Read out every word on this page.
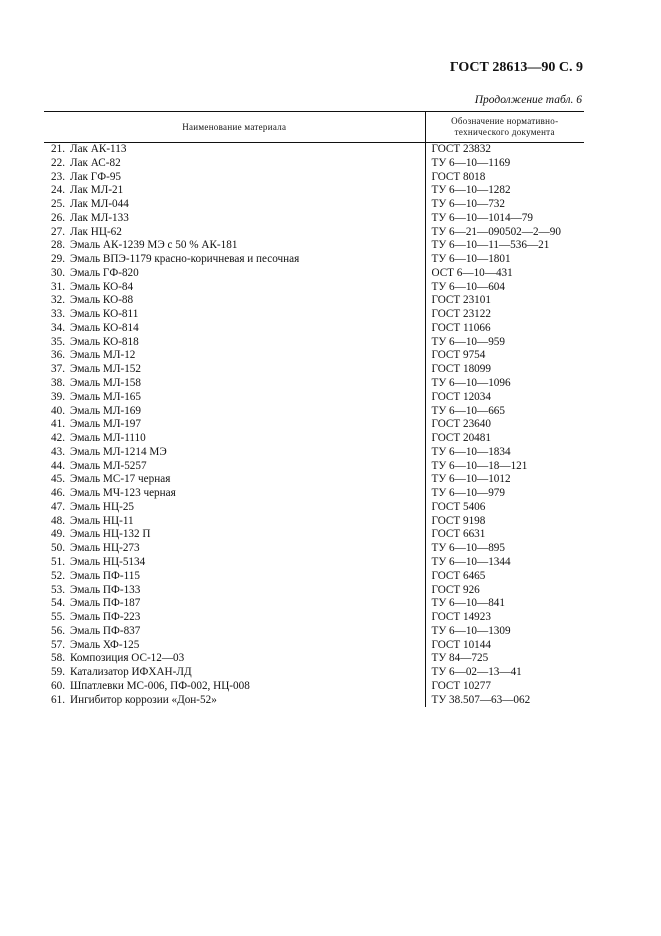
ГОСТ 28613—90 С. 9
Продолжение табл. 6
Наименование материала	Обозначение нормативно-технического документа
21. Лак АК-113	ГОСТ 23832
22. Лак АС-82	ТУ 6—10—1169
23. Лак ГФ-95	ГОСТ 8018
24. Лак МЛ-21	ТУ 6—10—1282
25. Лак МЛ-044	ТУ 6—10—732
26. Лак МЛ-133	ТУ 6—10—1014—79
27. Лак НЦ-62	ТУ 6—21—090502—2—90
28. Эмаль АК-1239 МЭ с 50 % АК-181	ТУ 6—10—11—536—21
29. Эмаль ВПЭ-1179 красно-коричневая и песочная	ТУ 6—10—1801
30. Эмаль ГФ-820	ОСТ 6—10—431
31. Эмаль КО-84	ТУ 6—10—604
32. Эмаль КО-88	ГОСТ 23101
33. Эмаль КО-811	ГОСТ 23122
34. Эмаль КО-814	ГОСТ 11066
35. Эмаль КО-818	ТУ 6—10—959
36. Эмаль МЛ-12	ГОСТ 9754
37. Эмаль МЛ-152	ГОСТ 18099
38. Эмаль МЛ-158	ТУ 6—10—1096
39. Эмаль МЛ-165	ГОСТ 12034
40. Эмаль МЛ-169	ТУ 6—10—665
41. Эмаль МЛ-197	ГОСТ 23640
42. Эмаль МЛ-1110	ГОСТ 20481
43. Эмаль МЛ-1214 МЭ	ТУ 6—10—1834
44. Эмаль МЛ-5257	ТУ 6—10—18—121
45. Эмаль МС-17 черная	ТУ 6—10—1012
46. Эмаль МЧ-123 черная	ТУ 6—10—979
47. Эмаль НЦ-25	ГОСТ 5406
48. Эмаль НЦ-11	ГОСТ 9198
49. Эмаль НЦ-132 П	ГОСТ 6631
50. Эмаль НЦ-273	ТУ 6—10—895
51. Эмаль НЦ-5134	ТУ 6—10—1344
52. Эмаль ПФ-115	ГОСТ 6465
53. Эмаль ПФ-133	ГОСТ 926
54. Эмаль ПФ-187	ТУ 6—10—841
55. Эмаль ПФ-223	ГОСТ 14923
56. Эмаль ПФ-837	ТУ 6—10—1309
57. Эмаль ХФ-125	ГОСТ 10144
58. Композиция ОС-12—03	ТУ 84—725
59. Катализатор ИФХАН-ЛД	ТУ 6—02—13—41
60. Шпатлевки МС-006, ПФ-002, НЦ-008	ГОСТ 10277
61. Ингибитор коррозии «Дон-52»	ТУ 38.507—63—062
